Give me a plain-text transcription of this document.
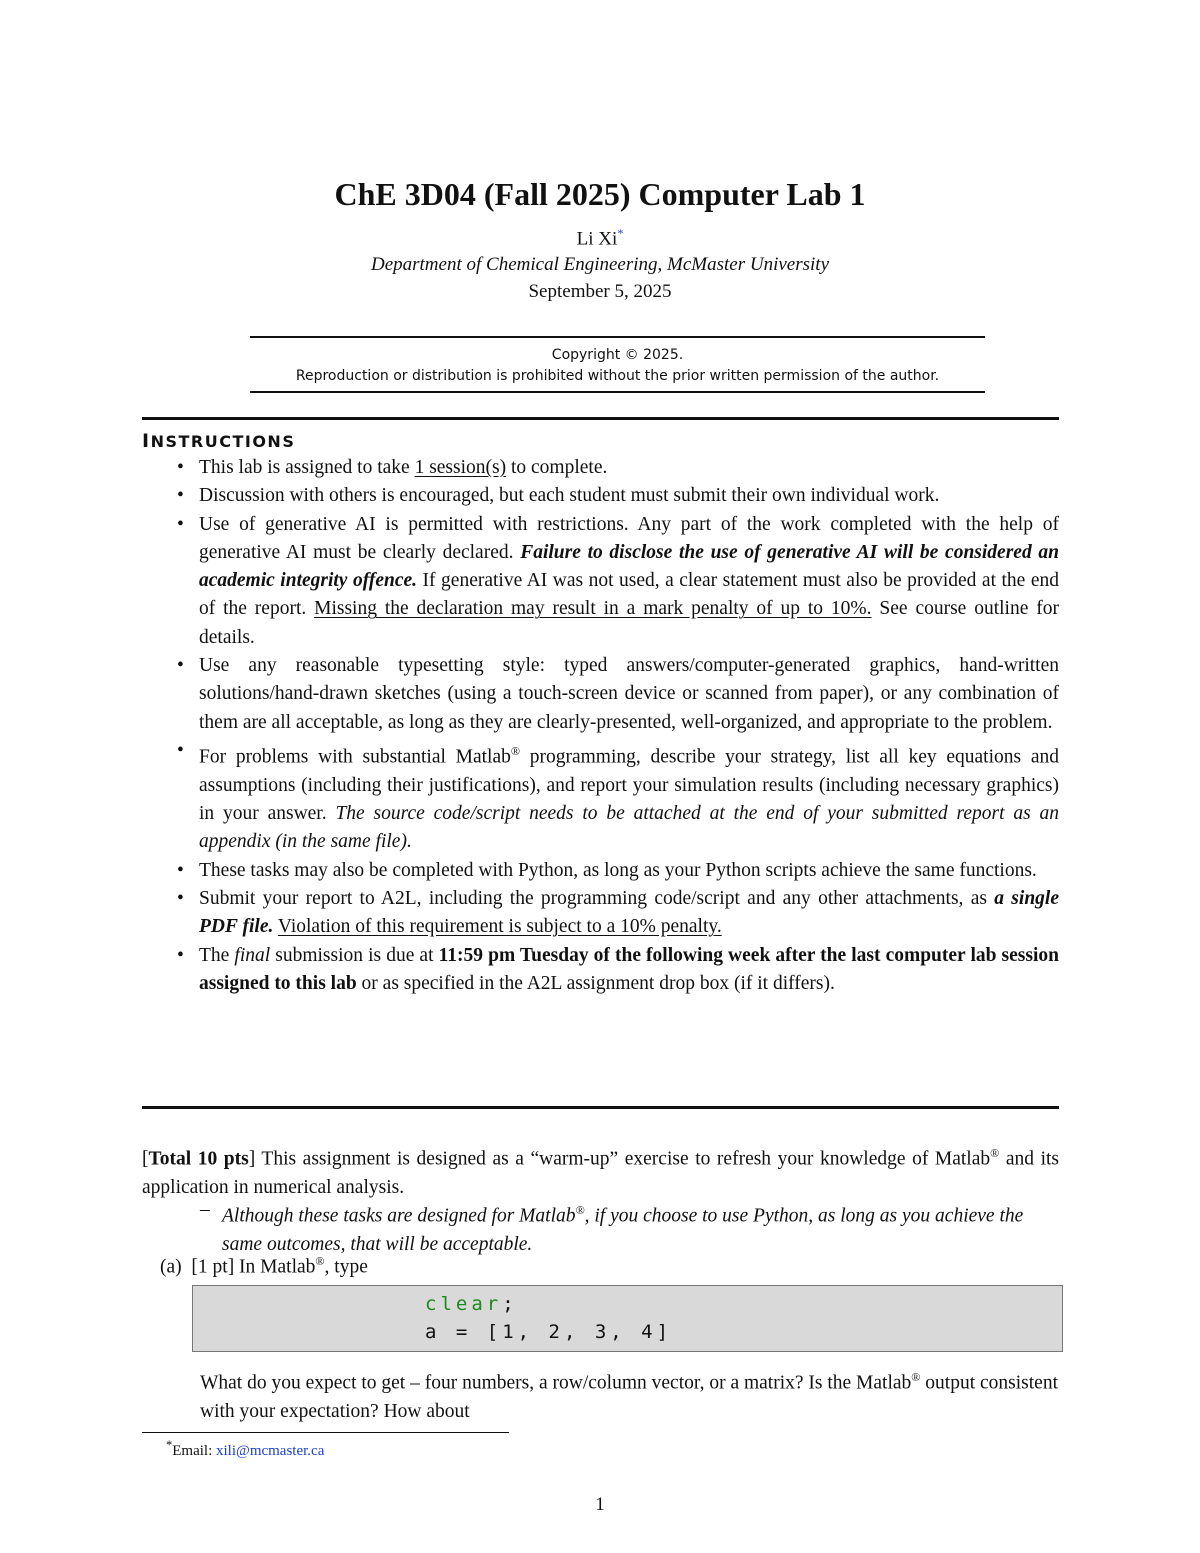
ChE 3D04 (Fall 2025) Computer Lab 1
Li Xi*
Department of Chemical Engineering, McMaster University
September 5, 2025
Copyright © 2025.
Reproduction or distribution is prohibited without the prior written permission of the author.
INSTRUCTIONS
• This lab is assigned to take 1 session(s) to complete.
• Discussion with others is encouraged, but each student must submit their own individual work.
• Use of generative AI is permitted with restrictions. Any part of the work completed with the help of generative AI must be clearly declared. Failure to disclose the use of generative AI will be considered an academic integrity offence. If generative AI was not used, a clear statement must also be provided at the end of the report. Missing the declaration may result in a mark penalty of up to 10%. See course outline for details.
• Use any reasonable typesetting style: typed answers/computer-generated graphics, hand-written solutions/hand-drawn sketches (using a touch-screen device or scanned from paper), or any combination of them are all acceptable, as long as they are clearly-presented, well-organized, and appropriate to the problem.
• For problems with substantial Matlab® programming, describe your strategy, list all key equations and assumptions (including their justifications), and report your simulation results (including necessary graphics) in your answer. The source code/script needs to be attached at the end of your submitted report as an appendix (in the same file).
• These tasks may also be completed with Python, as long as your Python scripts achieve the same functions.
• Submit your report to A2L, including the programming code/script and any other attachments, as a single PDF file. Violation of this requirement is subject to a 10% penalty.
• The final submission is due at 11:59 pm Tuesday of the following week after the last computer lab session assigned to this lab or as specified in the A2L assignment drop box (if it differs).
[Total 10 pts] This assignment is designed as a “warm-up” exercise to refresh your knowledge of Matlab® and its application in numerical analysis.
– Although these tasks are designed for Matlab®, if you choose to use Python, as long as you achieve the same outcomes, that will be acceptable.
(a) [1 pt] In Matlab®, type
clear;
a = [1, 2, 3, 4]
What do you expect to get – four numbers, a row/column vector, or a matrix? Is the Matlab® output consistent with your expectation? How about
*Email: xili@mcmaster.ca
1
